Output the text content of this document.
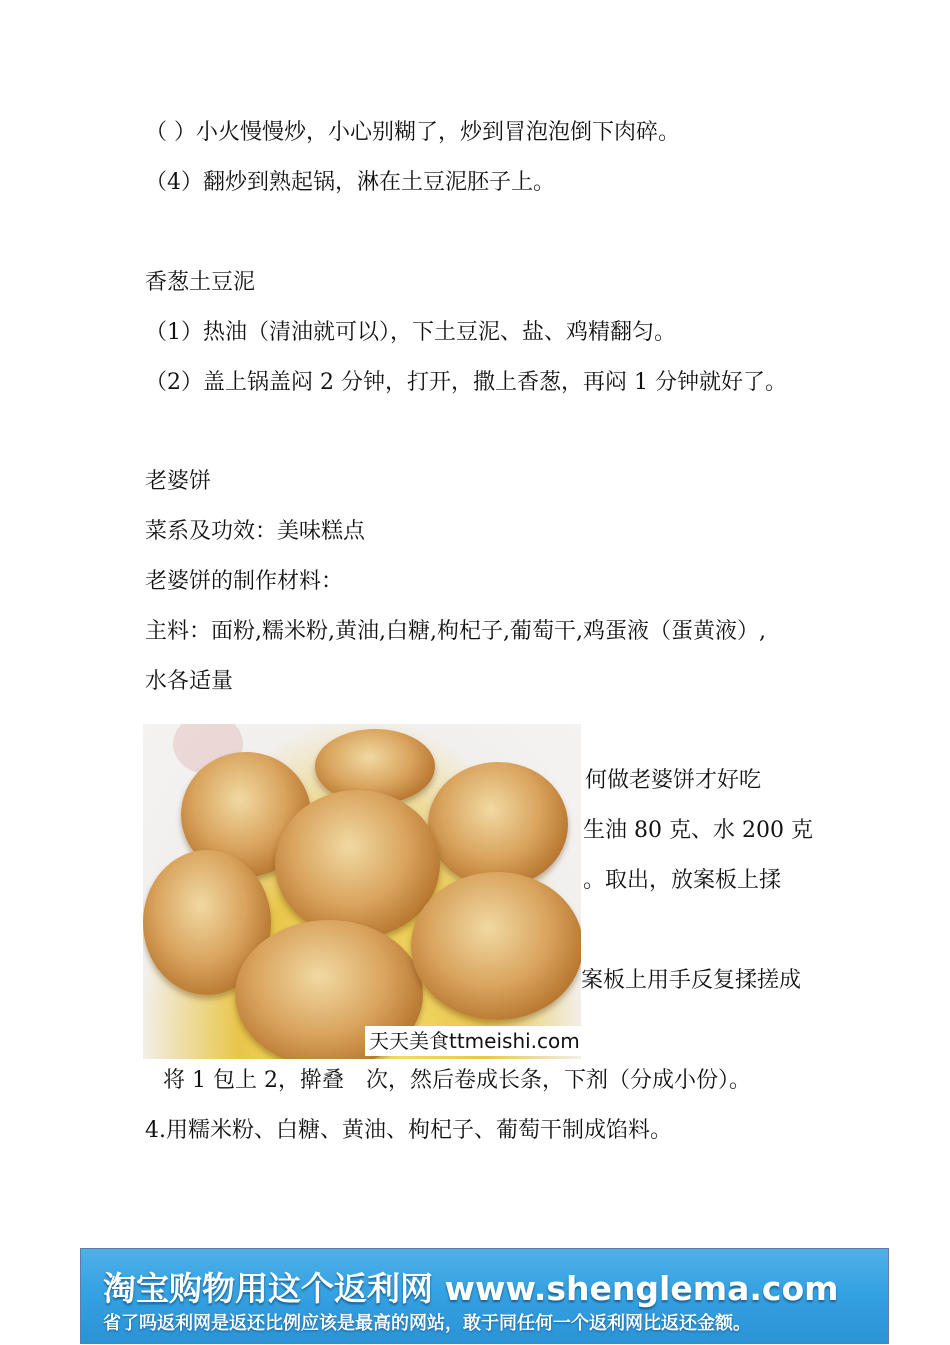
（ ）小火慢慢炒，小心别糊了，炒到冒泡泡倒下肉碎。
（4）翻炒到熟起锅，淋在土豆泥胚子上。
香葱土豆泥
（1）热油（清油就可以），下土豆泥、盐、鸡精翻匀。
（2）盖上锅盖闷 2 分钟，打开，撒上香葱，再闷 1 分钟就好了。
老婆饼
菜系及功效：美味糕点
老婆饼的制作材料：
主料：面粉,糯米粉,黄油,白糖,枸杞子,葡萄干,鸡蛋液（蛋黄液）,
水各适量
何做老婆饼才好吃
生油 80 克、水 200 克
。取出，放案板上揉
案板上用手反复揉搓成
将 1 包上 2，擀叠　次，然后卷成长条，下剂（分成小份）。
4.用糯米粉、白糖、黄油、枸杞子、葡萄干制成馅料。
天天美食ttmeishi.com
淘宝购物用这个返利网 www.shenglema.com
省了吗返利网是返还比例应该是最高的网站，敢于同任何一个返利网比返还金额。
